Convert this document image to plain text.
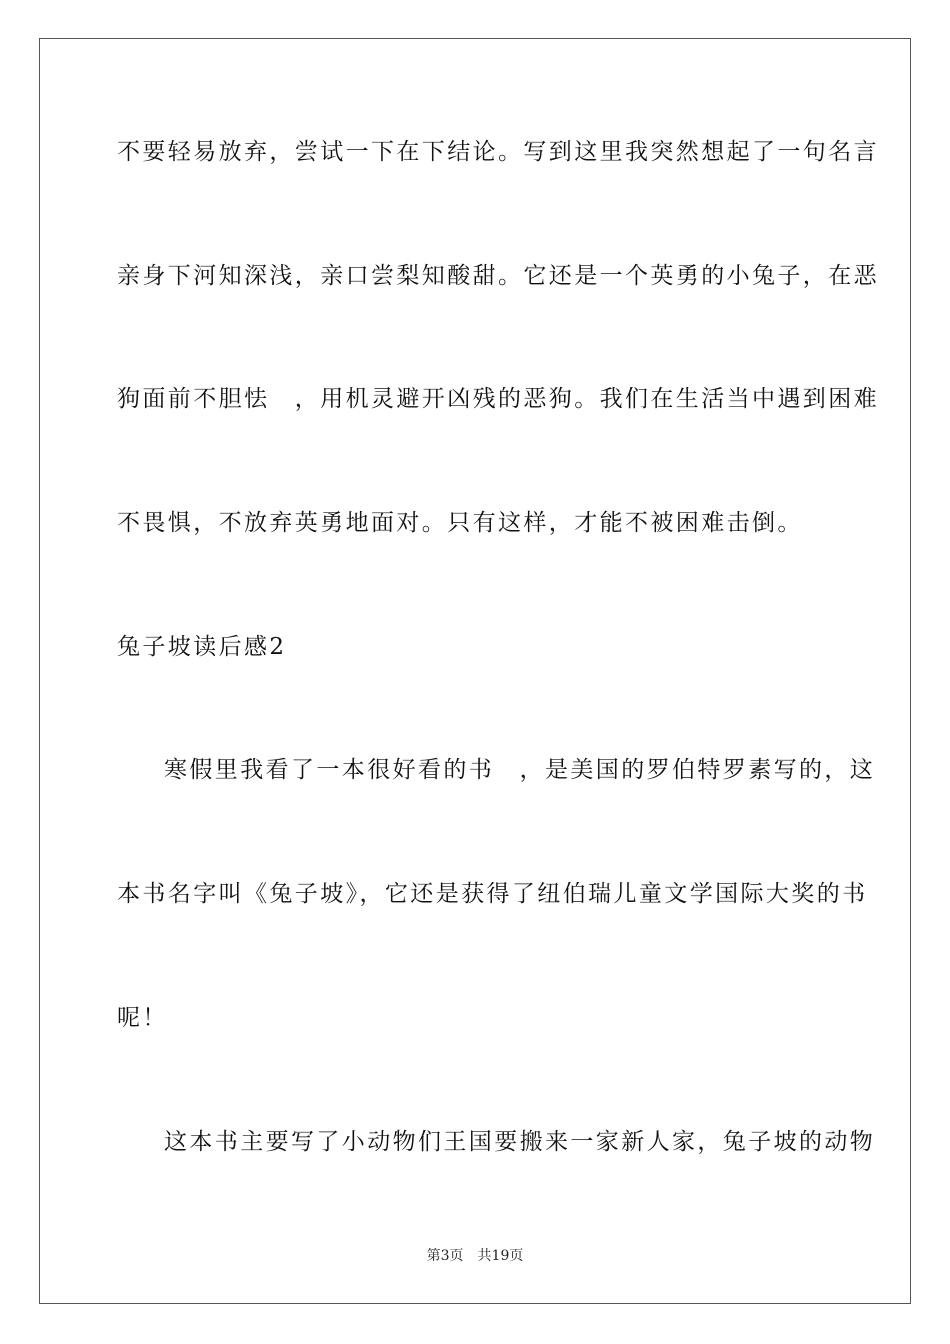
不要轻易放弃，尝试一下在下结论。写到这里我突然想起了一句名言
亲身下河知深浅，亲口尝梨知酸甜。它还是一个英勇的小兔子，在恶
狗面前不胆怯　，用机灵避开凶残的恶狗。我们在生活当中遇到困难
不畏惧，不放弃英勇地面对。只有这样，才能不被困难击倒。
兔子坡读后感2
寒假里我看了一本很好看的书　，是美国的罗伯特罗素写的，这
本书名字叫《兔子坡》，它还是获得了纽伯瑞儿童文学国际大奖的书
呢！
这本书主要写了小动物们王国要搬来一家新人家，兔子坡的动物
第3页 共19页
